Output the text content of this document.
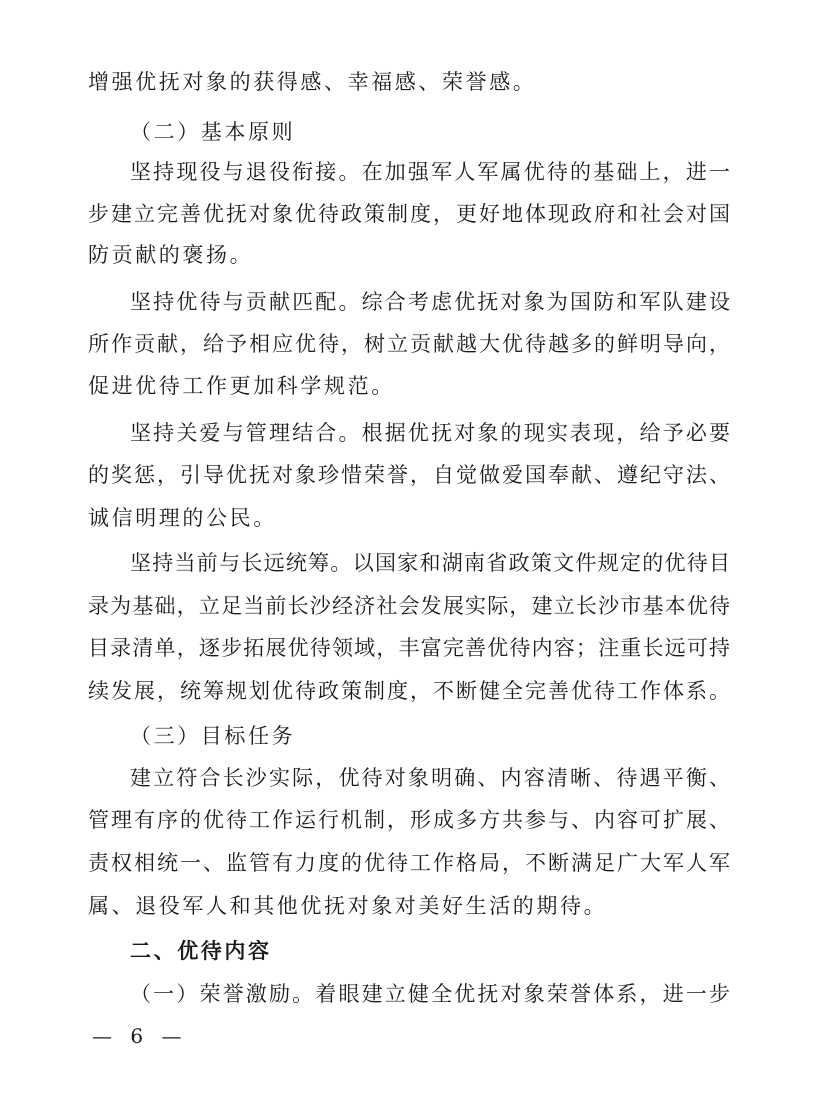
增强优抚对象的获得感、幸福感、荣誉感。
（二）基本原则
坚持现役与退役衔接。在加强军人军属优待的基础上，进一
步建立完善优抚对象优待政策制度，更好地体现政府和社会对国
防贡献的褒扬。
坚持优待与贡献匹配。综合考虑优抚对象为国防和军队建设
所作贡献，给予相应优待，树立贡献越大优待越多的鲜明导向，
促进优待工作更加科学规范。
坚持关爱与管理结合。根据优抚对象的现实表现，给予必要
的奖惩，引导优抚对象珍惜荣誉，自觉做爱国奉献、遵纪守法、
诚信明理的公民。
坚持当前与长远统筹。以国家和湖南省政策文件规定的优待目
录为基础，立足当前长沙经济社会发展实际，建立长沙市基本优待
目录清单，逐步拓展优待领域，丰富完善优待内容；注重长远可持
续发展，统筹规划优待政策制度，不断健全完善优待工作体系。
（三）目标任务
建立符合长沙实际，优待对象明确、内容清晰、待遇平衡、
管理有序的优待工作运行机制，形成多方共参与、内容可扩展、
责权相统一、监管有力度的优待工作格局，不断满足广大军人军
属、退役军人和其他优抚对象对美好生活的期待。
二、优待内容
（一）荣誉激励。着眼建立健全优抚对象荣誉体系，进一步
— 6 —
